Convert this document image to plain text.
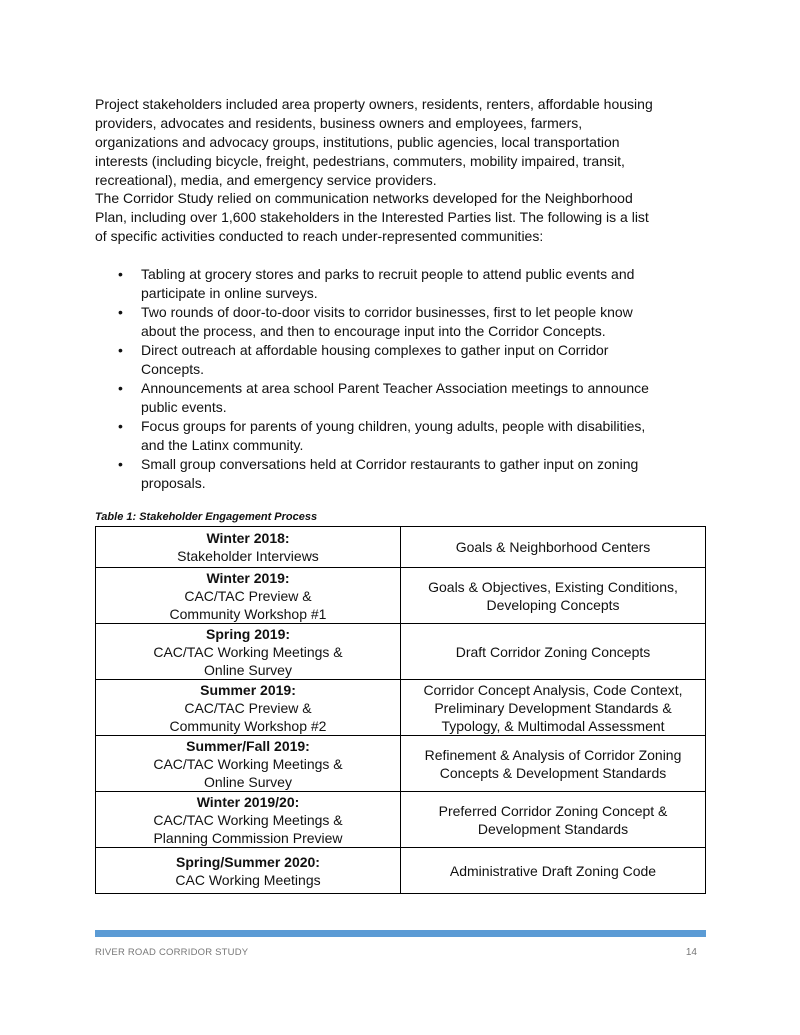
Project stakeholders included area property owners, residents, renters, affordable housing
providers, advocates and residents, business owners and employees, farmers,
organizations and advocacy groups, institutions, public agencies, local transportation
interests (including bicycle, freight, pedestrians, commuters, mobility impaired, transit,
recreational), media, and emergency service providers.
The Corridor Study relied on communication networks developed for the Neighborhood
Plan, including over 1,600 stakeholders in the Interested Parties list. The following is a list
of specific activities conducted to reach under-represented communities:
• Tabling at grocery stores and parks to recruit people to attend public events and
participate in online surveys.
• Two rounds of door-to-door visits to corridor businesses, first to let people know
about the process, and then to encourage input into the Corridor Concepts.
• Direct outreach at affordable housing complexes to gather input on Corridor
Concepts.
• Announcements at area school Parent Teacher Association meetings to announce
public events.
• Focus groups for parents of young children, young adults, people with disabilities,
and the Latinx community.
• Small group conversations held at Corridor restaurants to gather input on zoning
proposals.
Table 1: Stakeholder Engagement Process
Winter 2018:
Stakeholder Interviews	Goals & Neighborhood Centers

Winter 2019:
CAC/TAC Preview &
Community Workshop #1	Goals & Objectives, Existing Conditions,
Developing Concepts

Spring 2019:
CAC/TAC Working Meetings &
Online Survey	Draft Corridor Zoning Concepts

Summer 2019:
CAC/TAC Preview &
Community Workshop #2	Corridor Concept Analysis, Code Context,
Preliminary Development Standards &
Typology, & Multimodal Assessment

Summer/Fall 2019:
CAC/TAC Working Meetings &
Online Survey	Refinement & Analysis of Corridor Zoning
Concepts & Development Standards

Winter 2019/20:
CAC/TAC Working Meetings &
Planning Commission Preview	Preferred Corridor Zoning Concept &
Development Standards

Spring/Summer 2020:
CAC Working Meetings	Administrative Draft Zoning Code
RIVER ROAD CORRIDOR STUDY	14
